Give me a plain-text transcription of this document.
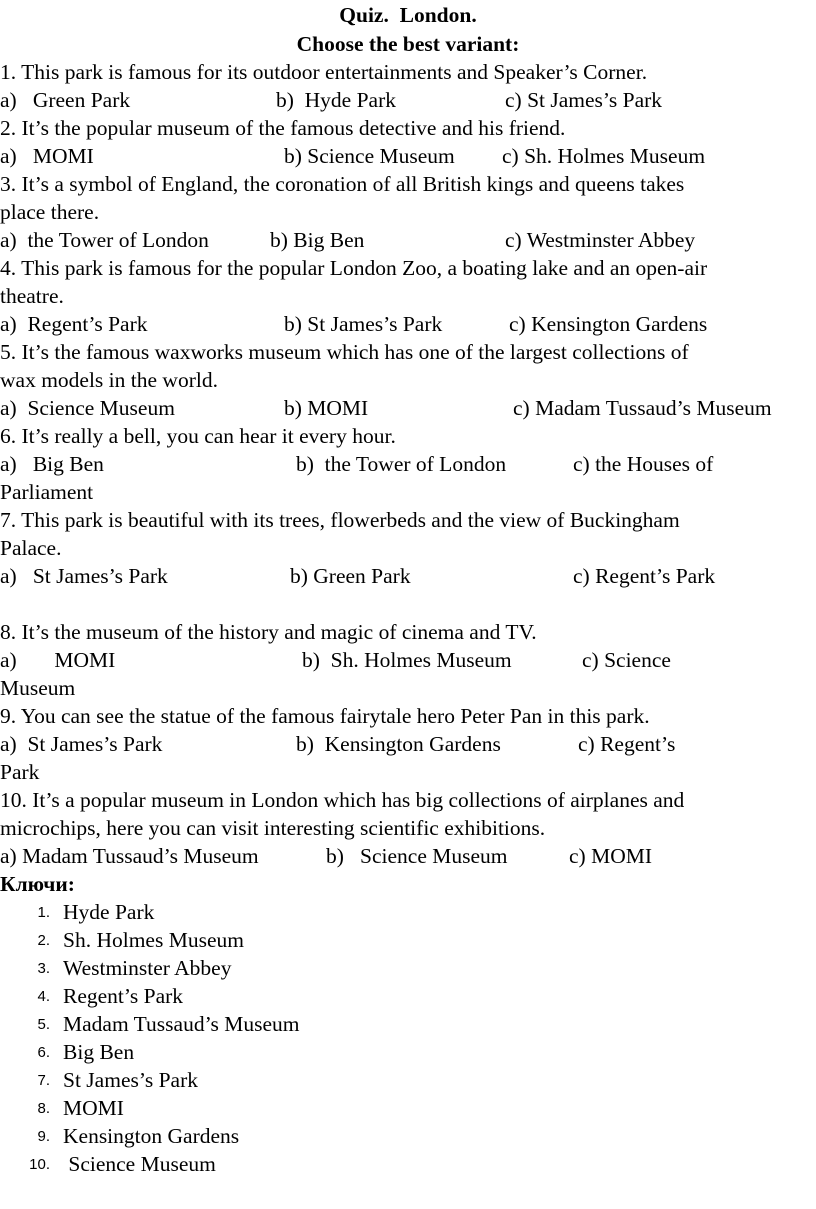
Quiz.  London.
Choose the best variant:
1. This park is famous for its outdoor entertainments and Speaker’s Corner.
a)   Green Park	b)  Hyde Park	c) St James’s Park
2. It’s the popular museum of the famous detective and his friend.
a)   MOMI	b) Science Museum c) Sh. Holmes Museum
3. It’s a symbol of England, the coronation of all British kings and queens takes
place there.
a)  the Tower of London	b) Big Ben	c) Westminster Abbey
4. This park is famous for the popular London Zoo, a boating lake and an open-air
theatre.
a)  Regent’s Park	b) St James’s Park	c) Kensington Gardens
5. It’s the famous waxworks museum which has one of the largest collections of
wax models in the world.
a)  Science Museum	b) MOMI	c) Madam Tussaud’s Museum
6. It’s really a bell, you can hear it every hour.
a)   Big Ben	b)  the Tower of London	c) the Houses of
Parliament
7. This park is beautiful with its trees, flowerbeds and the view of Buckingham
Palace.
a)   St James’s Park	b) Green Park	c) Regent’s Park
8. It’s the museum of the history and magic of cinema and TV.
a)       MOMI	b)  Sh. Holmes Museum	c) Science
Museum
9. You can see the statue of the famous fairytale hero Peter Pan in this park.
a)  St James’s Park	b)  Kensington Gardens	c) Regent’s
Park
10. It’s a popular museum in London which has big collections of airplanes and
microchips, here you can visit interesting scientific exhibitions.
a) Madam Tussaud’s Museum	b)   Science Museum	c) MOMI
Ключи:
1. Hyde Park
2. Sh. Holmes Museum
3. Westminster Abbey
4. Regent’s Park
5. Madam Tussaud’s Museum
6. Big Ben
7. St James’s Park
8. MOMI
9. Kensington Gardens
10. Science Museum
